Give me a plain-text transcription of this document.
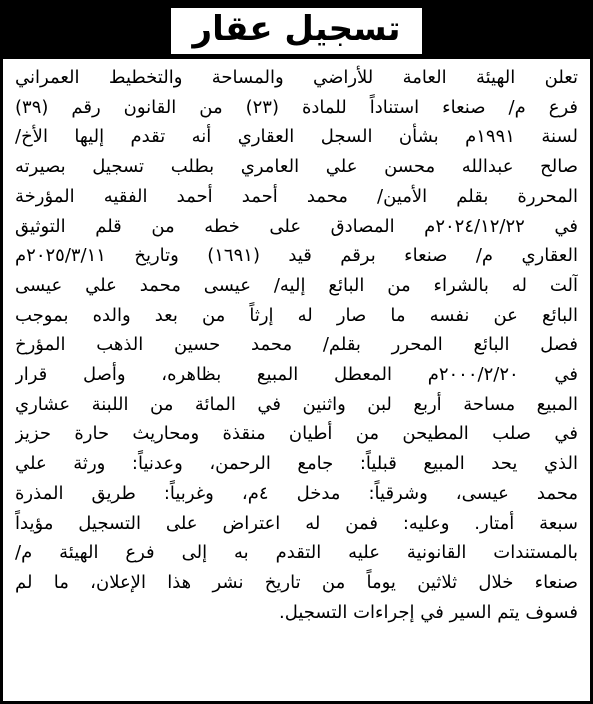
تسجيل عقار
تعلن الهيئة العامة للأراضي والمساحة والتخطيط العمراني
فرع م/ صنعاء استناداً للمادة (٢٣) من القانون رقم (٣٩)
لسنة ١٩٩١م بشأن السجل العقاري أنه تقدم إليها الأخ/
صالح عبدالله محسن علي العامري بطلب تسجيل بصيرته
المحررة بقلم الأمين/ محمد أحمد أحمد الفقيه المؤرخة
في ٢٠٢٤/١٢/٢٢م المصادق على خطه من قلم التوثيق
العقاري م/ صنعاء برقم قيد (١٦٩١) وتاريخ ٢٠٢٥/٣/١١م
آلت له بالشراء من البائع إليه/ عيسى محمد علي عيسى
البائع عن نفسه ما صار له إرثاً من بعد والده بموجب
فصل البائع المحرر بقلم/ محمد حسين الذهب المؤرخ
في ٢٠٠٠/٢/٢٠م المعطل المبيع بظاهره، وأصل قرار
المبيع مساحة أربع لبن واثنين في المائة من اللبنة عشاري
في صلب المطيحن من أطيان منقذة ومحاريث حارة حزيز
الذي يحد المبيع قبلياً: جامع الرحمن، وعدنياً: ورثة علي
محمد عيسى، وشرقياً: مدخل ٤م، وغربياً: طريق المذرة
سبعة أمتار. وعليه: فمن له اعتراض على التسجيل مؤيداً
بالمستندات القانونية عليه التقدم به إلى فرع الهيئة م/
صنعاء خلال ثلاثين يوماً من تاريخ نشر هذا الإعلان، ما لم
فسوف يتم السير في إجراءات التسجيل.
